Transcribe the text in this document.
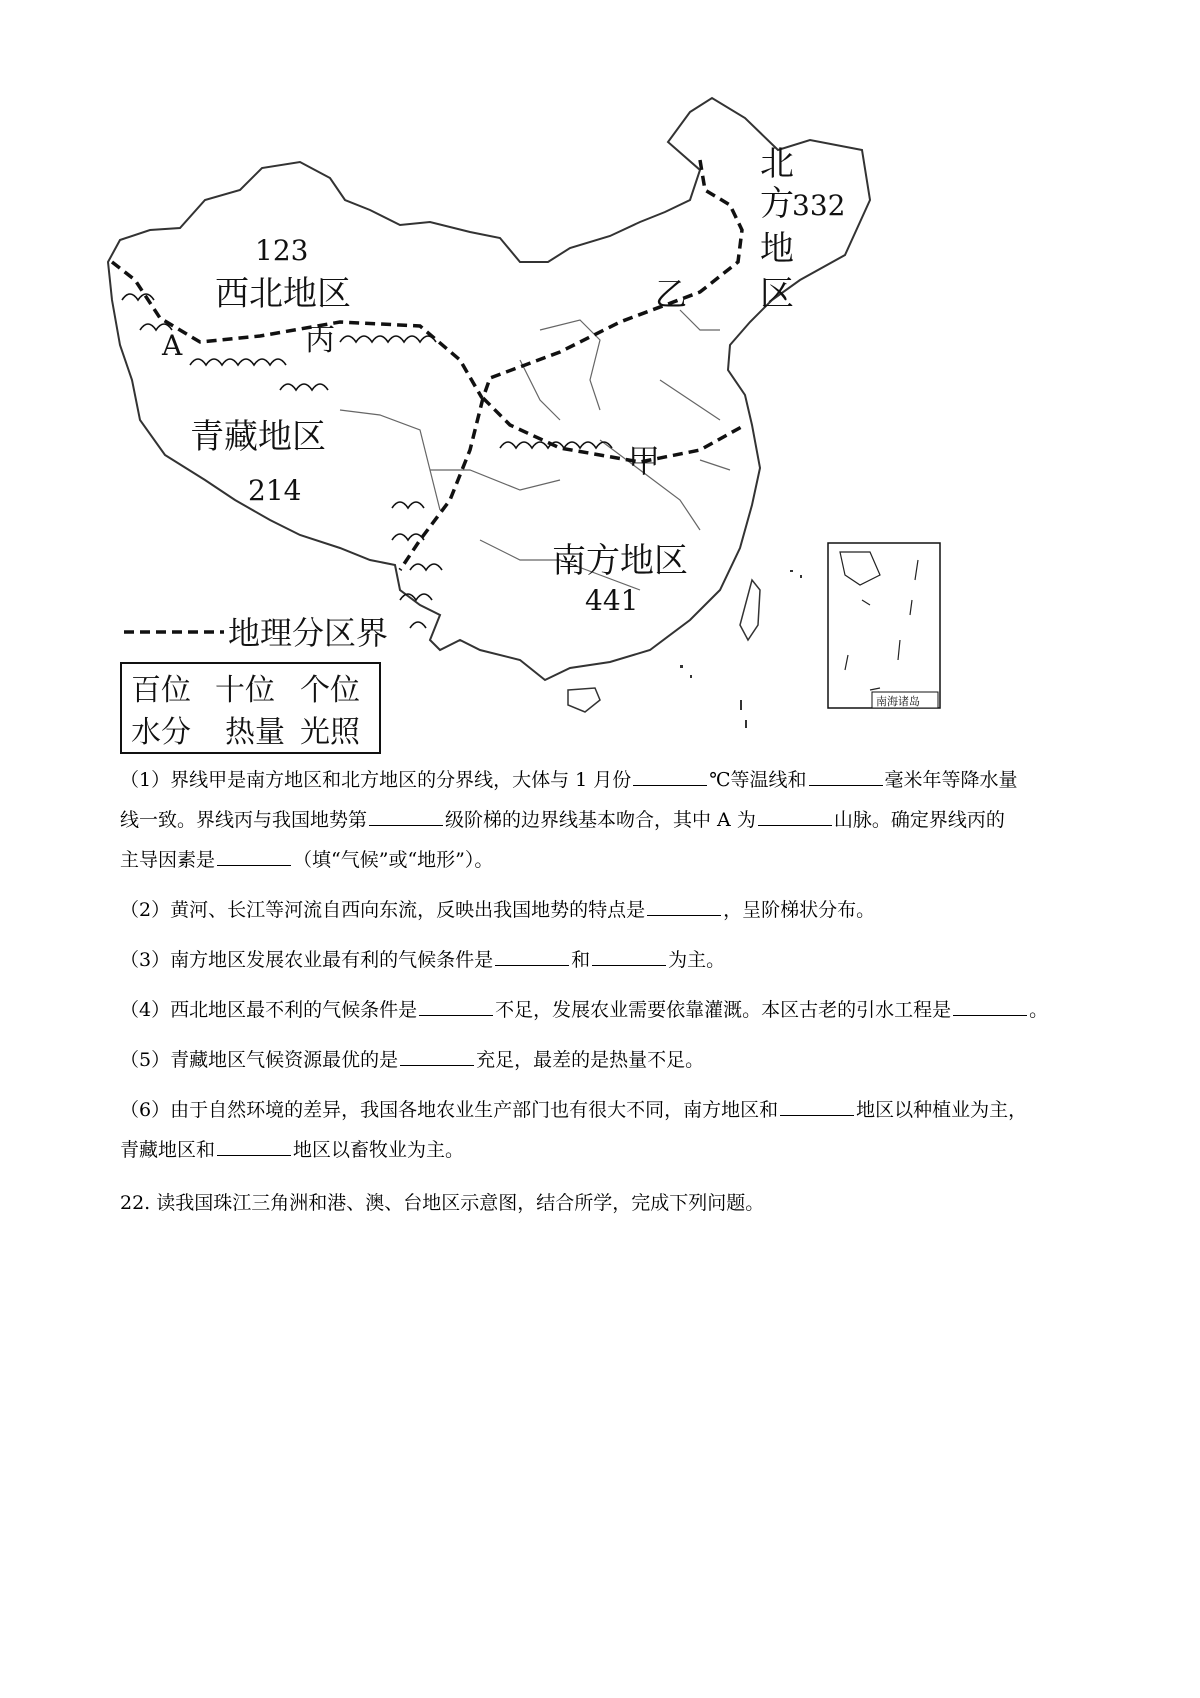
北
方
332
地
区
123
西北地区	乙
丙
A
青藏地区
214
甲
南方地区
441
地理分区界
百位 十位 个位
水分 热量 光照
南海诸岛

（1）界线甲是南方地区和北方地区的分界线，大体与 1 月份	℃等温线和	毫米年等降水量

线一致。界线丙与我国地势第	级阶梯的边界线基本吻合，其中 A 为	山脉。确定界线丙的

主导因素是	（填“气候”或“地形”）。

（2）黄河、长江等河流自西向东流，反映出我国地势的特点是	，呈阶梯状分布。

（3）南方地区发展农业最有利的气候条件是	和	为主。

（4）西北地区最不利的气候条件是	不足，发展农业需要依靠灌溉。本区古老的引水工程是	。

（5）青藏地区气候资源最优的是	充足，最差的是热量不足。

（6）由于自然环境的差异，我国各地农业生产部门也有很大不同，南方地区和	地区以种植业为主，

青藏地区和	地区以畜牧业为主。

22. 读我国珠江三角洲和港、澳、台地区示意图，结合所学，完成下列问题。
